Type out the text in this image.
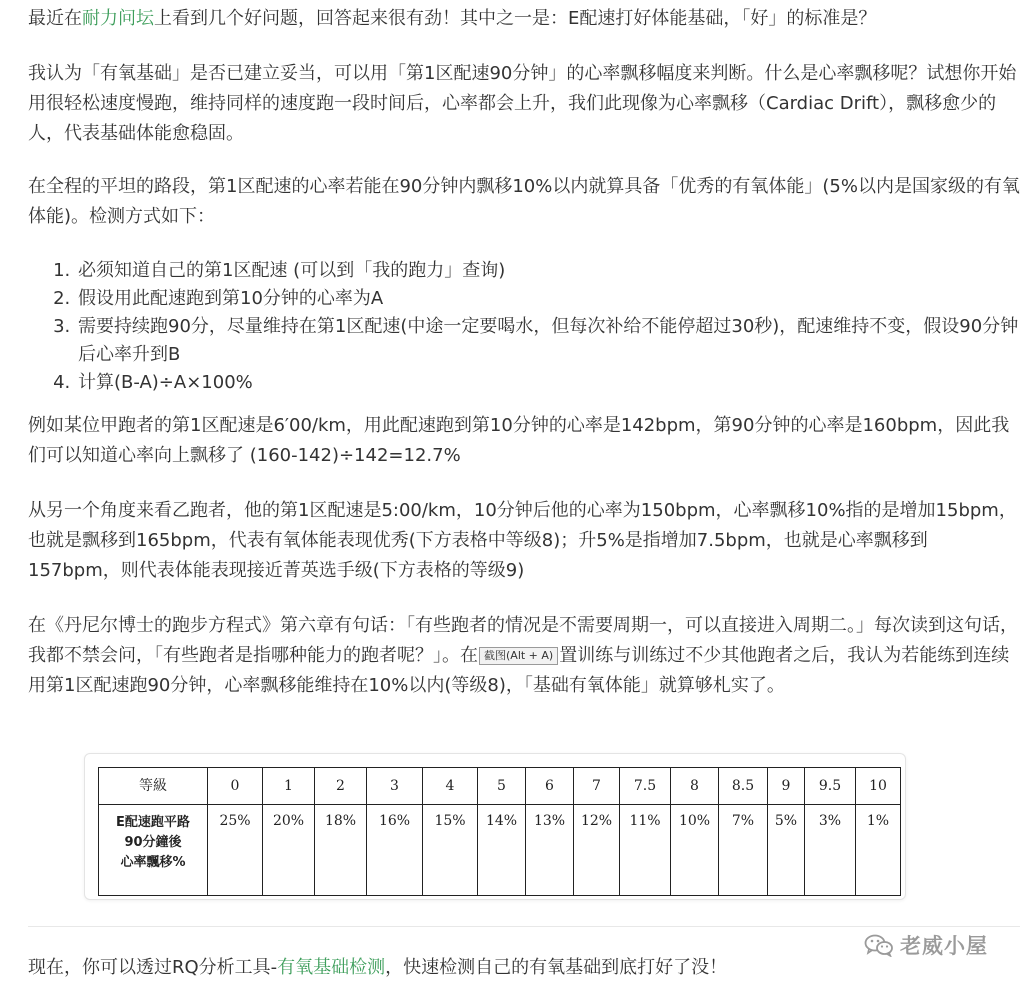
最近在耐力问坛上看到几个好问题，回答起来很有劲！其中之一是：E配速打好体能基础，「好」的标准是？

我认为「有氧基础」是否已建立妥当，可以用「第1区配速90分钟」的心率飘移幅度来判断。什么是心率飘移呢？试想你开始用很轻松速度慢跑，维持同样的速度跑一段时间后，心率都会上升，我们此现像为心率飘移（Cardiac Drift），飘移愈少的人，代表基础体能愈稳固。

在全程的平坦的路段，第1区配速的心率若能在90分钟内飘移10%以内就算具备「优秀的有氧体能」(5%以内是国家级的有氧体能)。检测方式如下：

1. 必须知道自己的第1区配速 (可以到「我的跑力」查询)
2. 假设用此配速跑到第10分钟的心率为A
3. 需要持续跑90分，尽量维持在第1区配速(中途一定要喝水，但每次补给不能停超过30秒)，配速维持不变，假设90分钟后心率升到B
4. 计算(B-A)÷A×100%

例如某位甲跑者的第1区配速是6′00/km，用此配速跑到第10分钟的心率是142bpm，第90分钟的心率是160bpm，因此我们可以知道心率向上飘移了 (160-142)÷142=12.7%

从另一个角度来看乙跑者，他的第1区配速是5:00/km，10分钟后他的心率为150bpm，心率飘移10%指的是增加15bpm，也就是飘移到165bpm，代表有氧体能表现优秀(下方表格中等级8)；升5%是指增加7.5bpm，也就是心率飘移到157bpm，则代表体能表现接近菁英选手级(下方表格的等级9)

在《丹尼尔博士的跑步方程式》第六章有句话：「有些跑者的情况是不需要周期一，可以直接进入周期二。」每次读到这句话，我都不禁会问，「有些跑者是指哪种能力的跑者呢？」。在 截图(Alt + A) 置训练与训练过不少其他跑者之后，我认为若能练到连续用第1区配速跑90分钟，心率飘移能维持在10%以内(等级8)，「基础有氧体能」就算够札实了。

老威小屋

现在，你可以透过RQ分析工具-有氧基础检测，快速检测自己的有氧基础到底打好了没！

等級	0	1	2	3	4	5	6	7	7.5	8	8.5	9	9.5	10

E配速跑平路
90分鐘後
心率飄移%	25%	20%	18%	16%	15%	14%	13%	12%	11%	10%	7%	5%	3%	1%
